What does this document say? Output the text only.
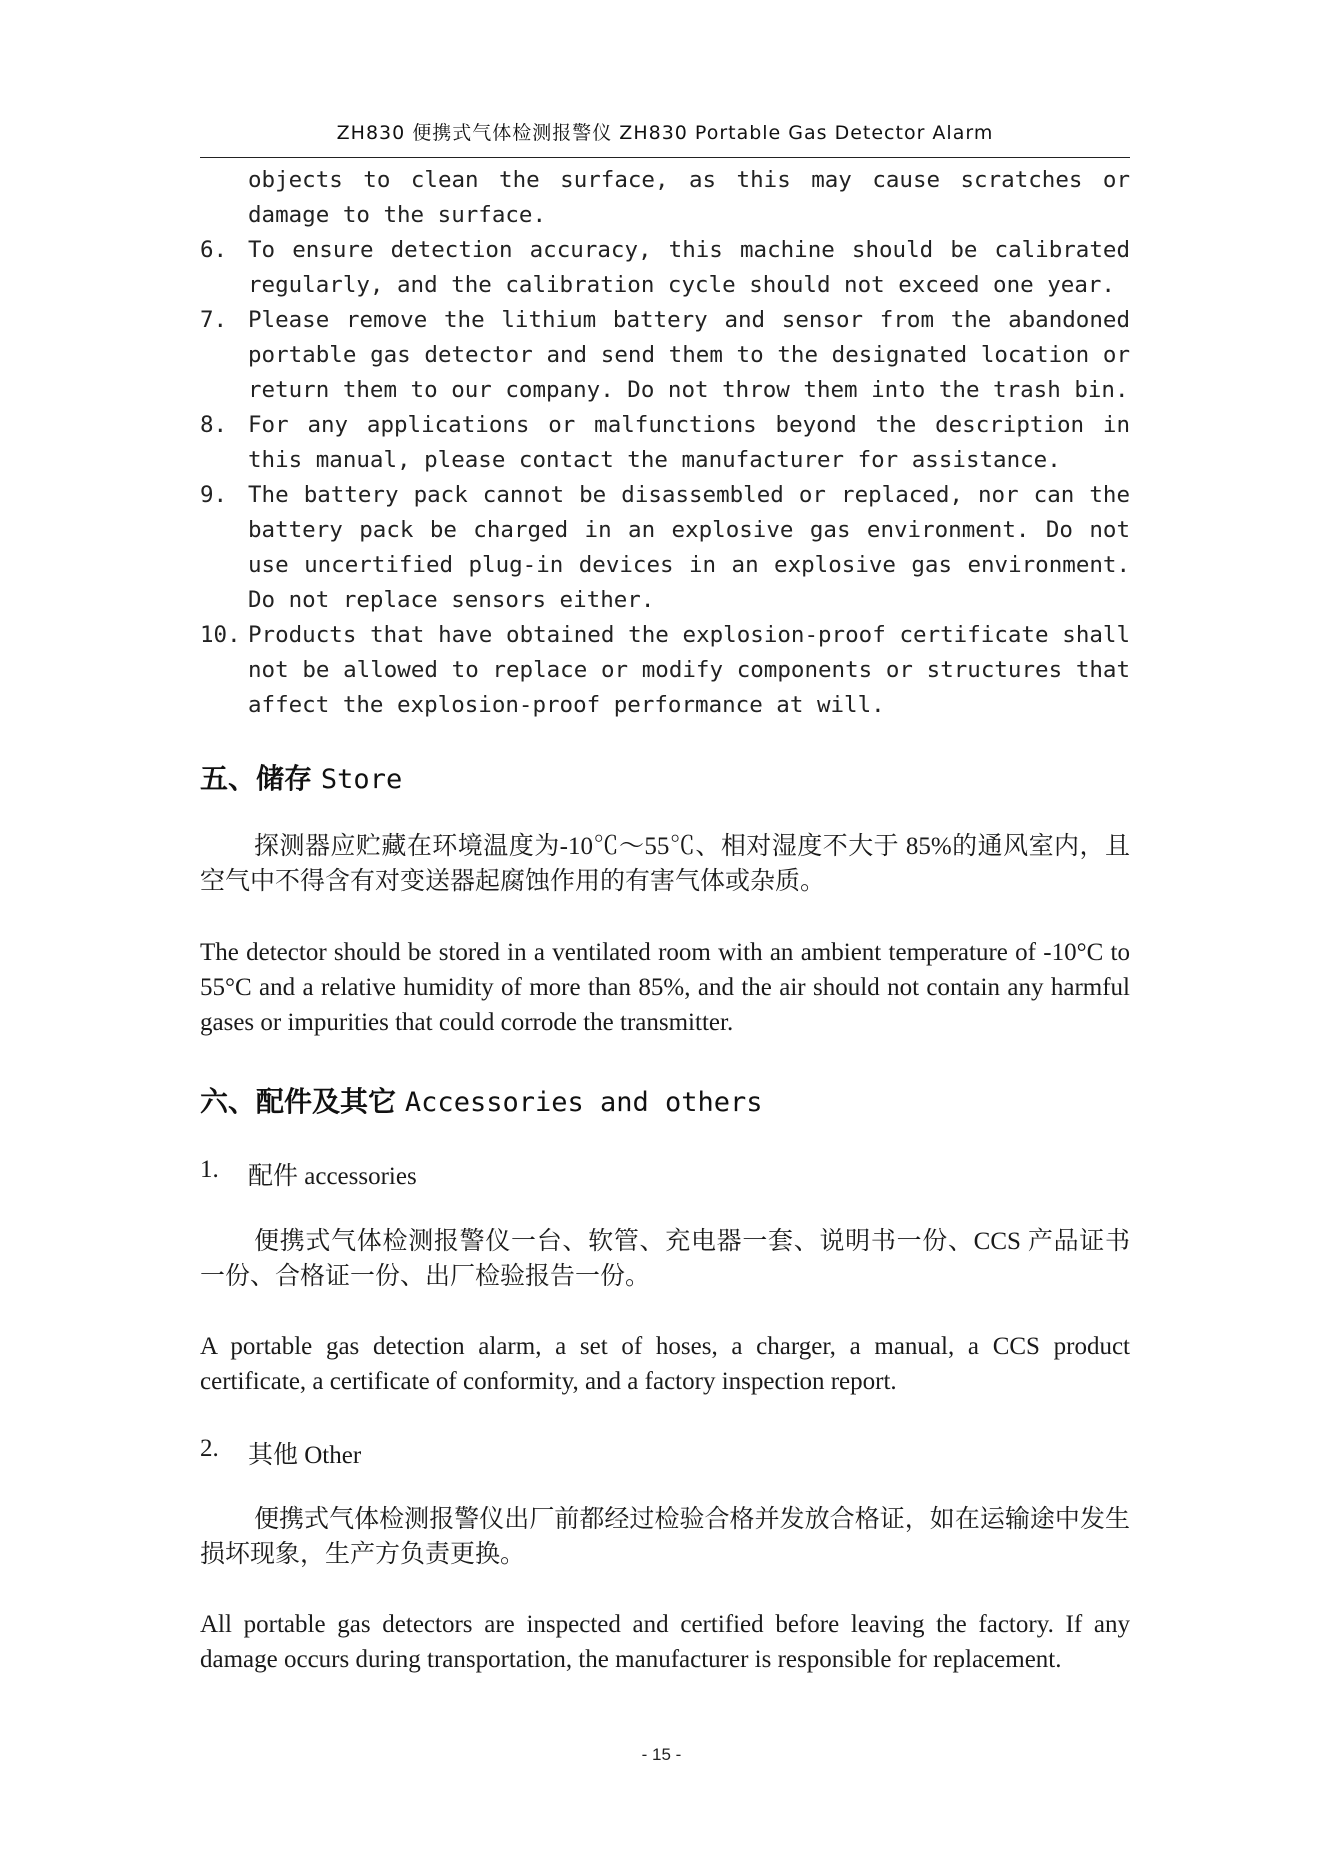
ZH830 便携式气体检测报警仪 ZH830 Portable Gas Detector Alarm
objects to clean the surface, as this may cause scratches or damage to the surface.
6. To ensure detection accuracy, this machine should be calibrated regularly, and the calibration cycle should not exceed one year.
7. Please remove the lithium battery and sensor from the abandoned portable gas detector and send them to the designated location or return them to our company. Do not throw them into the trash bin.
8. For any applications or malfunctions beyond the description in this manual, please contact the manufacturer for assistance.
9. The battery pack cannot be disassembled or replaced, nor can the battery pack be charged in an explosive gas environment. Do not use uncertified plug-in devices in an explosive gas environment. Do not replace sensors either.
10. Products that have obtained the explosion-proof certificate shall not be allowed to replace or modify components or structures that affect the explosion-proof performance at will.
五、储存 Store

探测器应贮藏在环境温度为-10℃～55℃、相对湿度不大于 85%的通风室内，且空气中不得含有对变送器起腐蚀作用的有害气体或杂质。

The detector should be stored in a ventilated room with an ambient temperature of -10°C to 55°C and a relative humidity of more than 85%, and the air should not contain any harmful gases or impurities that could corrode the transmitter.

六、配件及其它 Accessories and others
1.	配件 accessories

便携式气体检测报警仪一台、软管、充电器一套、说明书一份、CCS 产品证书一份、合格证一份、出厂检验报告一份。

A portable gas detection alarm, a set of hoses, a charger, a manual, a CCS product certificate, a certificate of conformity, and a factory inspection report.

2.	其他 Other

便携式气体检测报警仪出厂前都经过检验合格并发放合格证，如在运输途中发生损坏现象，生产方负责更换。

All portable gas detectors are inspected and certified before leaving the factory. If any damage occurs during transportation, the manufacturer is responsible for replacement.

- 15 -
